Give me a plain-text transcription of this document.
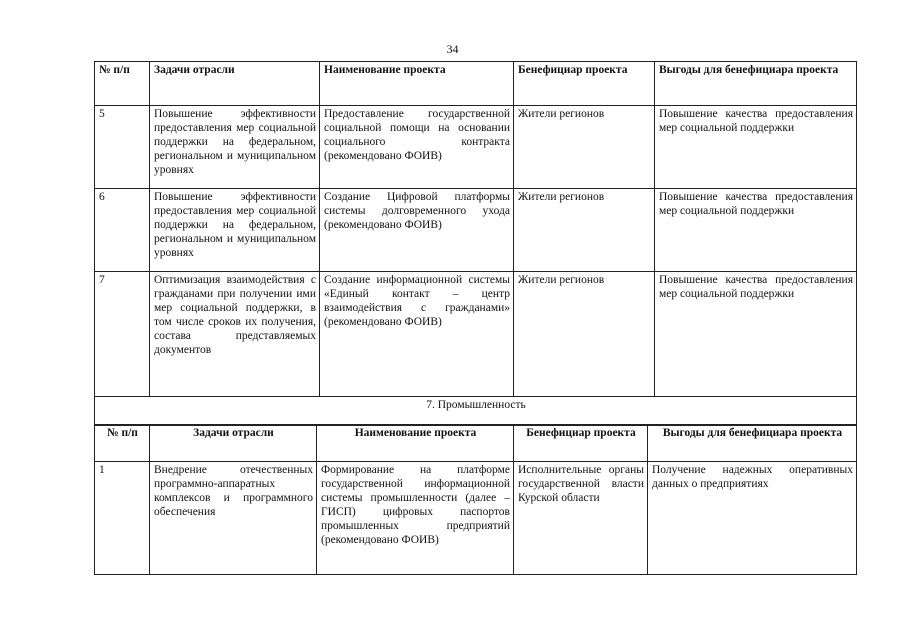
34
№ п/п	Задачи отрасли	Наименование проекта	Бенефициар проекта	Выгоды для бенефициара проекта
5	Повышение эффективности предоставления мер социальной поддержки на федеральном, региональном и муниципальном уровнях	Предоставление государственной социальной помощи на основании социального контракта (рекомендовано ФОИВ)	Жители регионов	Повышение качества предоставления мер социальной поддержки
6	Повышение эффективности предоставления мер социальной поддержки на федеральном, региональном и муниципальном уровнях	Создание Цифровой платформы системы долговременного ухода (рекомендовано ФОИВ)	Жители регионов	Повышение качества предоставления мер социальной поддержки
7	Оптимизация взаимодействия с гражданами при получении ими мер социальной поддержки, в том числе сроков их получения, состава представляемых документов	Создание информационной системы «Единый контакт – центр взаимодействия с гражданами» (рекомендовано ФОИВ)	Жители регионов	Повышение качества предоставления мер социальной поддержки
7. Промышленность				
№ п/п	Задачи отрасли	Наименование проекта	Бенефициар проекта	Выгоды для бенефициара проекта
1	Внедрение отечественных программно-аппаратных комплексов и программного обеспечения	Формирование на платформе государственной информационной системы промышленности (далее – ГИСП) цифровых паспортов промышленных предприятий (рекомендовано ФОИВ)	Исполнительные органы государственной власти Курской области	Получение надежных оперативных данных о предприятиях
